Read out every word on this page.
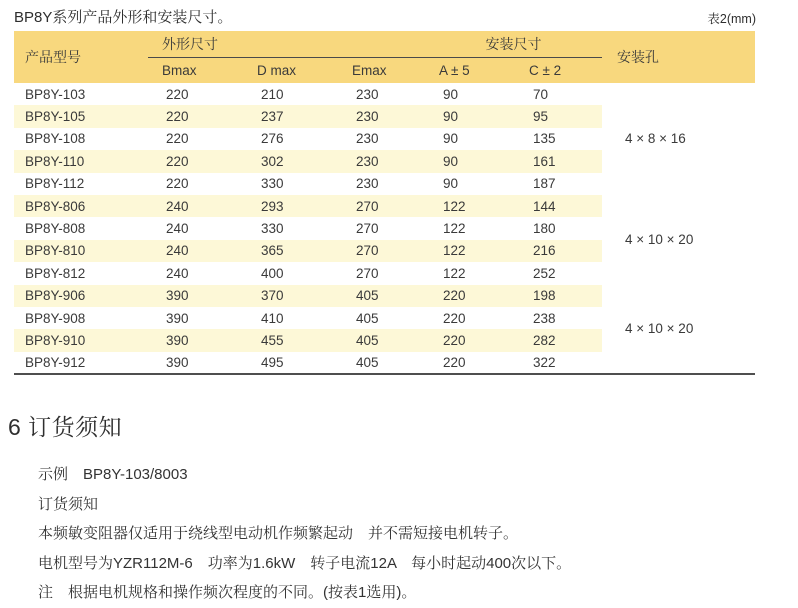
BP8Y系列产品外形和安装尺寸。	表2(mm)
产品型号	外形尺寸			安装尺寸		安装孔
	Bmax	D max	Emax	A ± 5	C ± 2	
BP8Y-103	220	210	230	90	70	4 × 8 × 16
BP8Y-105	220	237	230	90	95	
BP8Y-108	220	276	230	90	135	
BP8Y-110	220	302	230	90	161	
BP8Y-112	220	330	230	90	187	
BP8Y-806	240	293	270	122	144	4 × 10 × 20
BP8Y-808	240	330	270	122	180	
BP8Y-810	240	365	270	122	216	
BP8Y-812	240	400	270	122	252	
BP8Y-906	390	370	405	220	198	4 × 10 × 20
BP8Y-908	390	410	405	220	238	
BP8Y-910	390	455	405	220	282	
BP8Y-912	390	495	405	220	322	
6 订货须知

示例　BP8Y-103/8003

订货须知

本频敏变阻器仅适用于绕线型电动机作频繁起动　并不需短接电机转子。

电机型号为YZR112M-6　功率为1.6kW　转子电流12A　每小时起动400次以下。

注　根据电机规格和操作频次程度的不同。(按表1选用)。
